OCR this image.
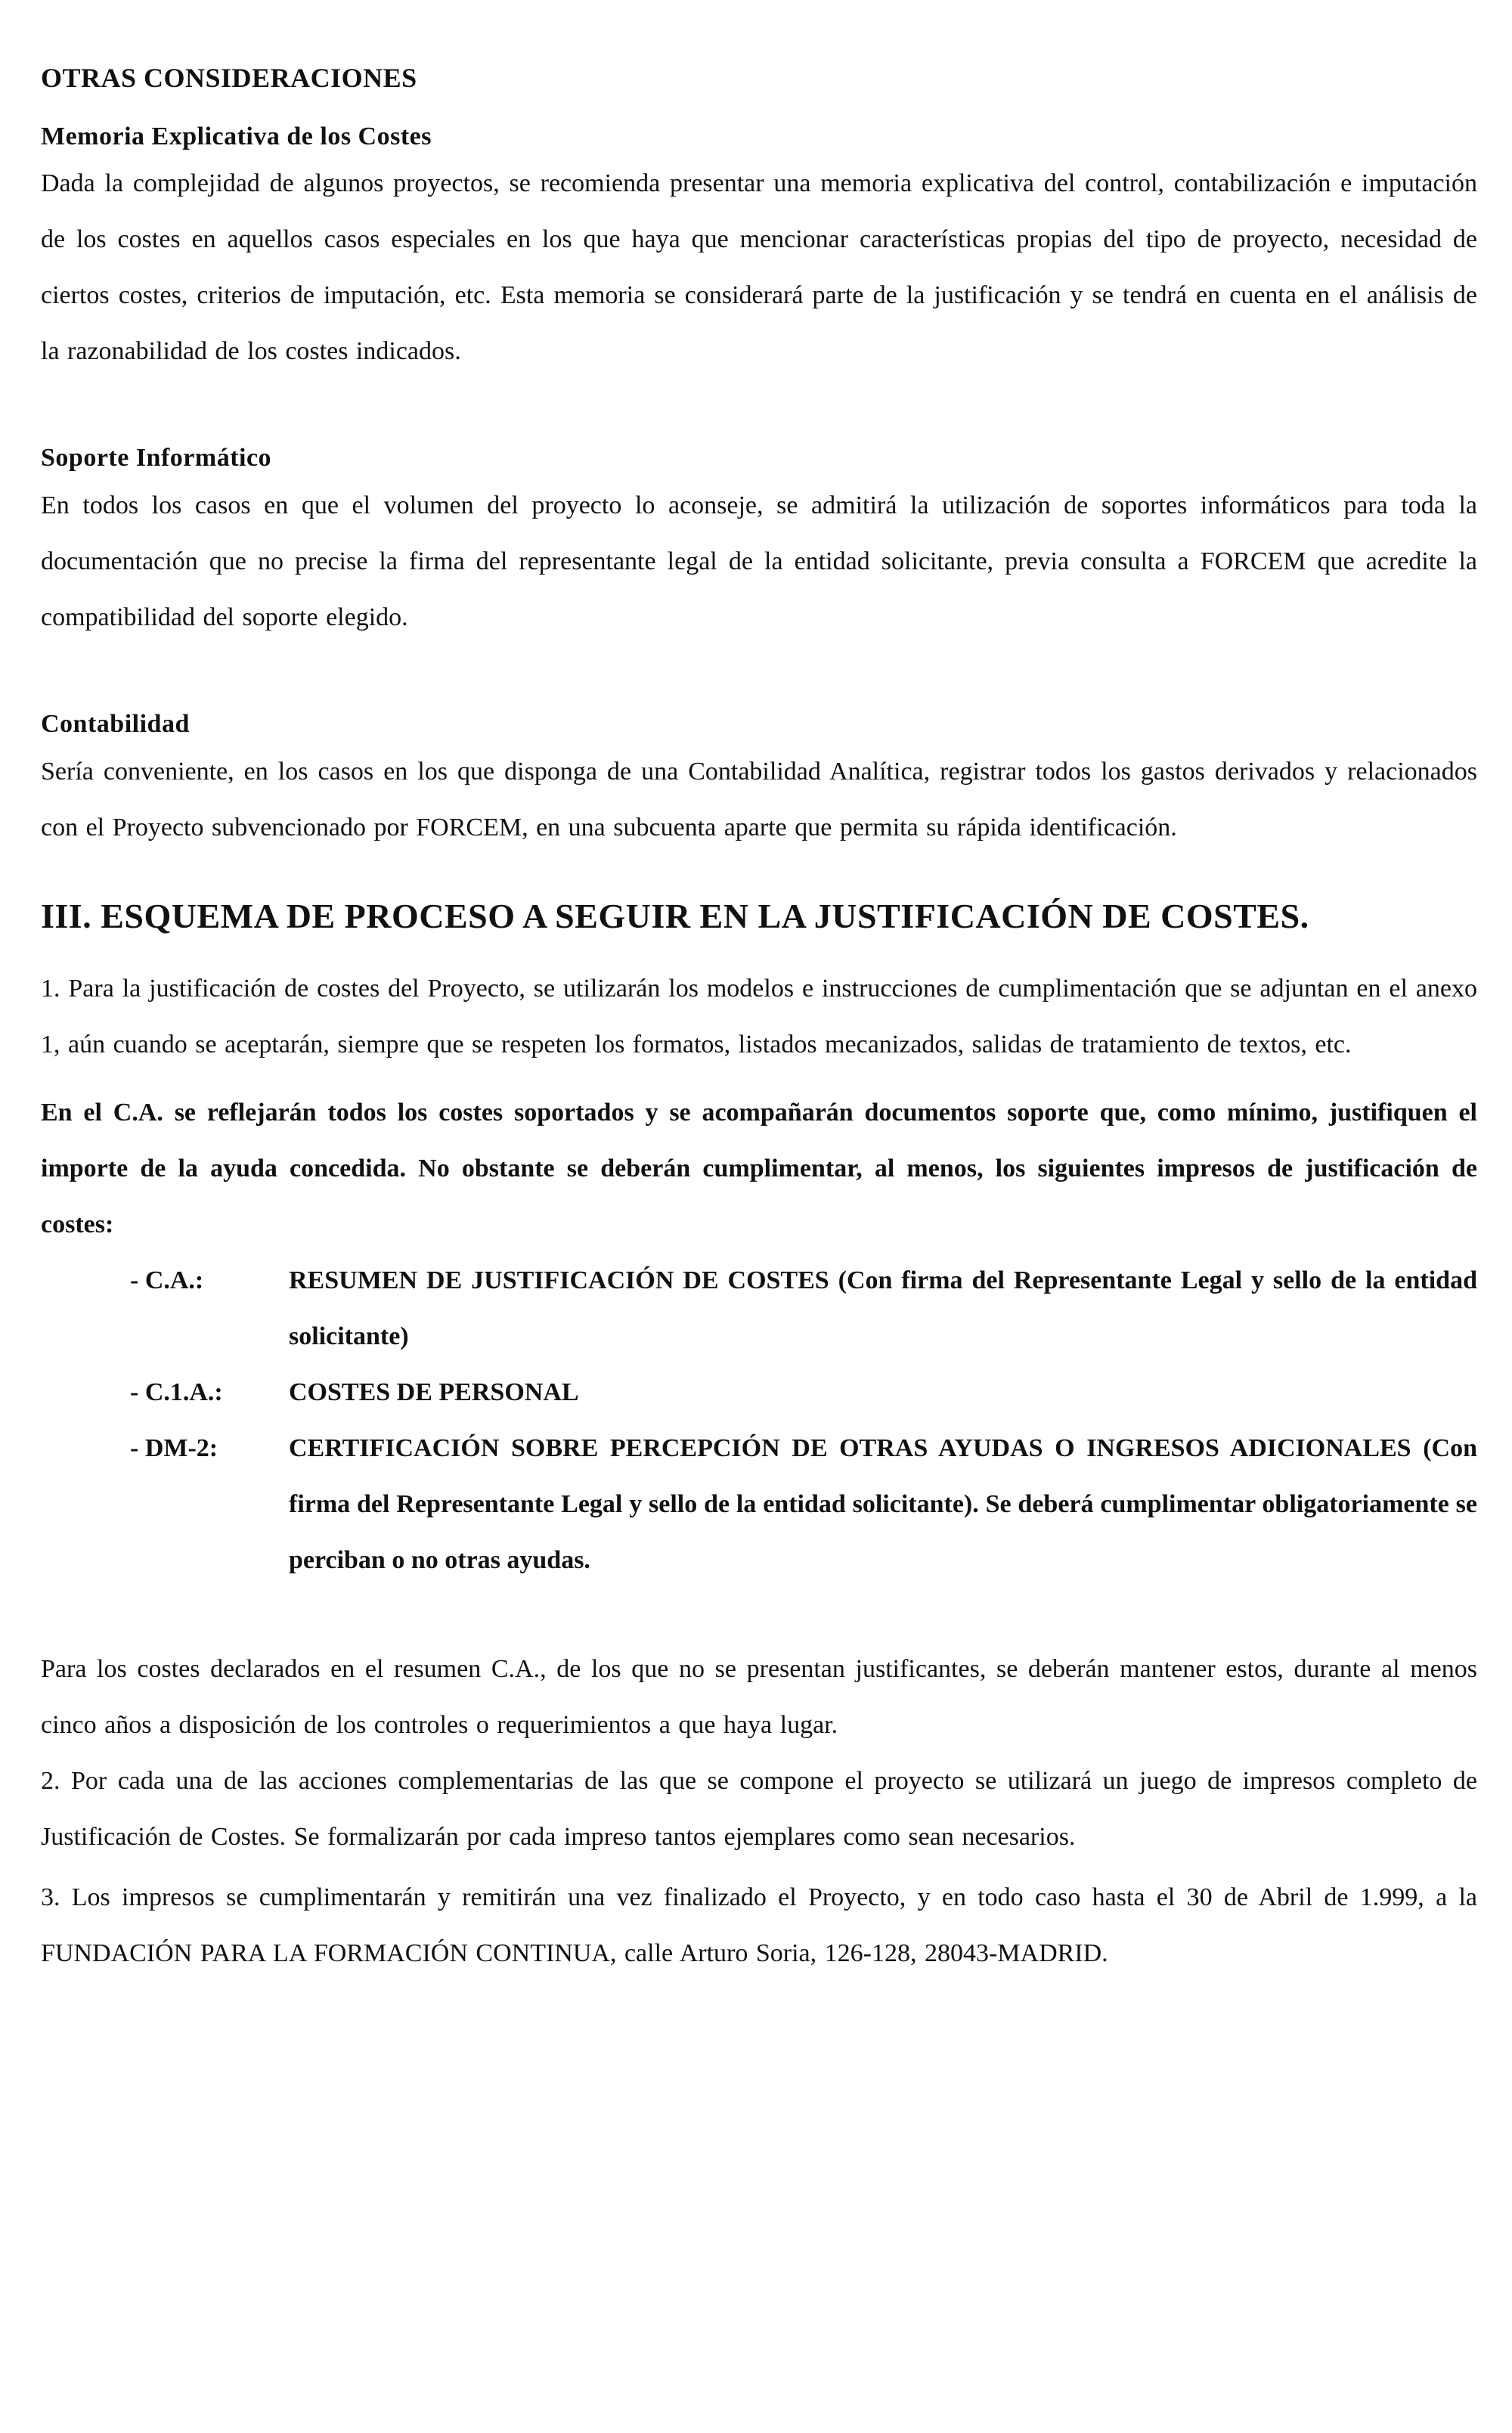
OTRAS CONSIDERACIONES
Memoria Explicativa de los Costes

Dada la complejidad de algunos proyectos, se recomienda presentar una memoria explicativa del control, contabilización e imputación de los costes en aquellos casos especiales en los que haya que mencionar características propias del tipo de proyecto, necesidad de ciertos costes, criterios de imputación, etc. Esta memoria se considerará parte de la justificación y se tendrá en cuenta en el análisis de la razonabilidad de los costes indicados.

Soporte Informático

En todos los casos en que el volumen del proyecto lo aconseje, se admitirá la utilización de soportes informáticos para toda la documentación que no precise la firma del representante legal de la entidad solicitante, previa consulta a FORCEM que acredite la compatibilidad del soporte elegido.

Contabilidad

Sería conveniente, en los casos en los que disponga de una Contabilidad Analítica, registrar todos los gastos derivados y relacionados con el Proyecto subvencionado por FORCEM, en una subcuenta aparte que permita su rápida identificación.

III. ESQUEMA DE PROCESO A SEGUIR EN LA JUSTIFICACIÓN DE COSTES.

1. Para la justificación de costes del Proyecto, se utilizarán los modelos e instrucciones de cumplimentación que se adjuntan en el anexo 1, aún cuando se aceptarán, siempre que se respeten los formatos, listados mecanizados, salidas de tratamiento de textos, etc.

En el C.A. se reflejarán todos los costes soportados y se acompañarán documentos soporte que, como mínimo, justifiquen el importe de la ayuda concedida. No obstante se deberán cumplimentar, al menos, los siguientes impresos de justificación de costes:

- C.A.:	RESUMEN DE JUSTIFICACIÓN DE COSTES (Con firma del Representante Legal y sello de la entidad solicitante)
- C.1.A.:	COSTES DE PERSONAL
- DM-2:	CERTIFICACIÓN SOBRE PERCEPCIÓN DE OTRAS AYUDAS O INGRESOS ADICIONALES (Con firma del Representante Legal y sello de la entidad solicitante). Se deberá cumplimentar obligatoriamente se perciban o no otras ayudas.

Para los costes declarados en el resumen C.A., de los que no se presentan justificantes, se deberán mantener estos, durante al menos cinco años a disposición de los controles o requerimientos a que haya lugar.

2. Por cada una de las acciones complementarias de las que se compone el proyecto se utilizará un juego de impresos completo de Justificación de Costes. Se formalizarán por cada impreso tantos ejemplares como sean necesarios.

3. Los impresos se cumplimentarán y remitirán una vez finalizado el Proyecto, y en todo caso hasta el 30 de Abril de 1.999, a la FUNDACIÓN PARA LA FORMACIÓN CONTINUA, calle Arturo Soria, 126-128, 28043-MADRID.
